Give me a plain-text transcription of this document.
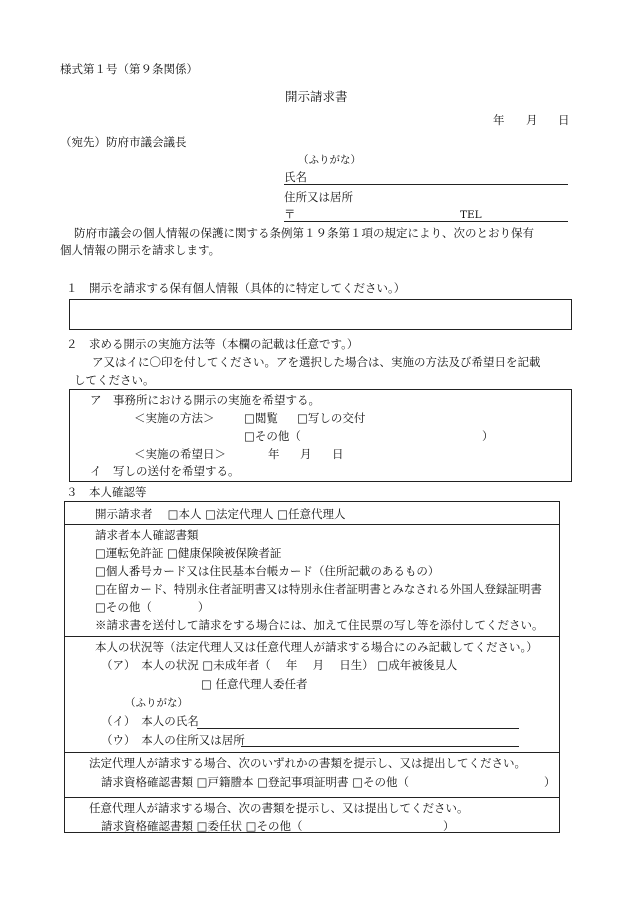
様式第１号（第９条関係）
開示請求書
年 月 日
（宛先）防府市議会議長
（ふりがな）
氏名
住所又は居所
〒	TEL
防府市議会の個人情報の保護に関する条例第１９条第１項の規定により、次のとおり保有
個人情報の開示を請求します。
１　開示を請求する保有個人情報（具体的に特定してください。）
２　求める開示の実施方法等（本欄の記載は任意です。）
ア又はイに〇印を付してください。アを選択した場合は、実施の方法及び希望日を記載
してください。
ア　事務所における開示の実施を希望する。
＜実施の方法＞	□閲覧 □写しの交付
□その他（	）
＜実施の希望日＞	年 月 日
イ　写しの送付を希望する。
３　本人確認等
開示請求者　 □本人 □法定代理人 □任意代理人
請求者本人確認書類
□運転免許証 □健康保険被保険者証
□個人番号カード又は住民基本台帳カード（住所記載のあるもの）
□在留カード、特別永住者証明書又は特別永住者証明書とみなされる外国人登録証明書
□その他（　　　　）
※請求書を送付して請求をする場合には、加えて住民票の写し等を添付してください。
本人の状況等（法定代理人又は任意代理人が請求する場合にのみ記載してください。）
（ア）　本人の状況 □未成年者（　 年　 月　 日生） □成年被後見人
□ 任意代理人委任者
（ふりがな）
（イ）　本人の氏名
（ウ）　本人の住所又は居所
法定代理人が請求する場合、次のいずれかの書類を提示し、又は提出してください。
請求資格確認書類 □戸籍謄本 □登記事項証明書 □その他（	）
任意代理人が請求する場合、次の書類を提示し、又は提出してください。
請求資格確認書類 □委任状 □その他（	）
